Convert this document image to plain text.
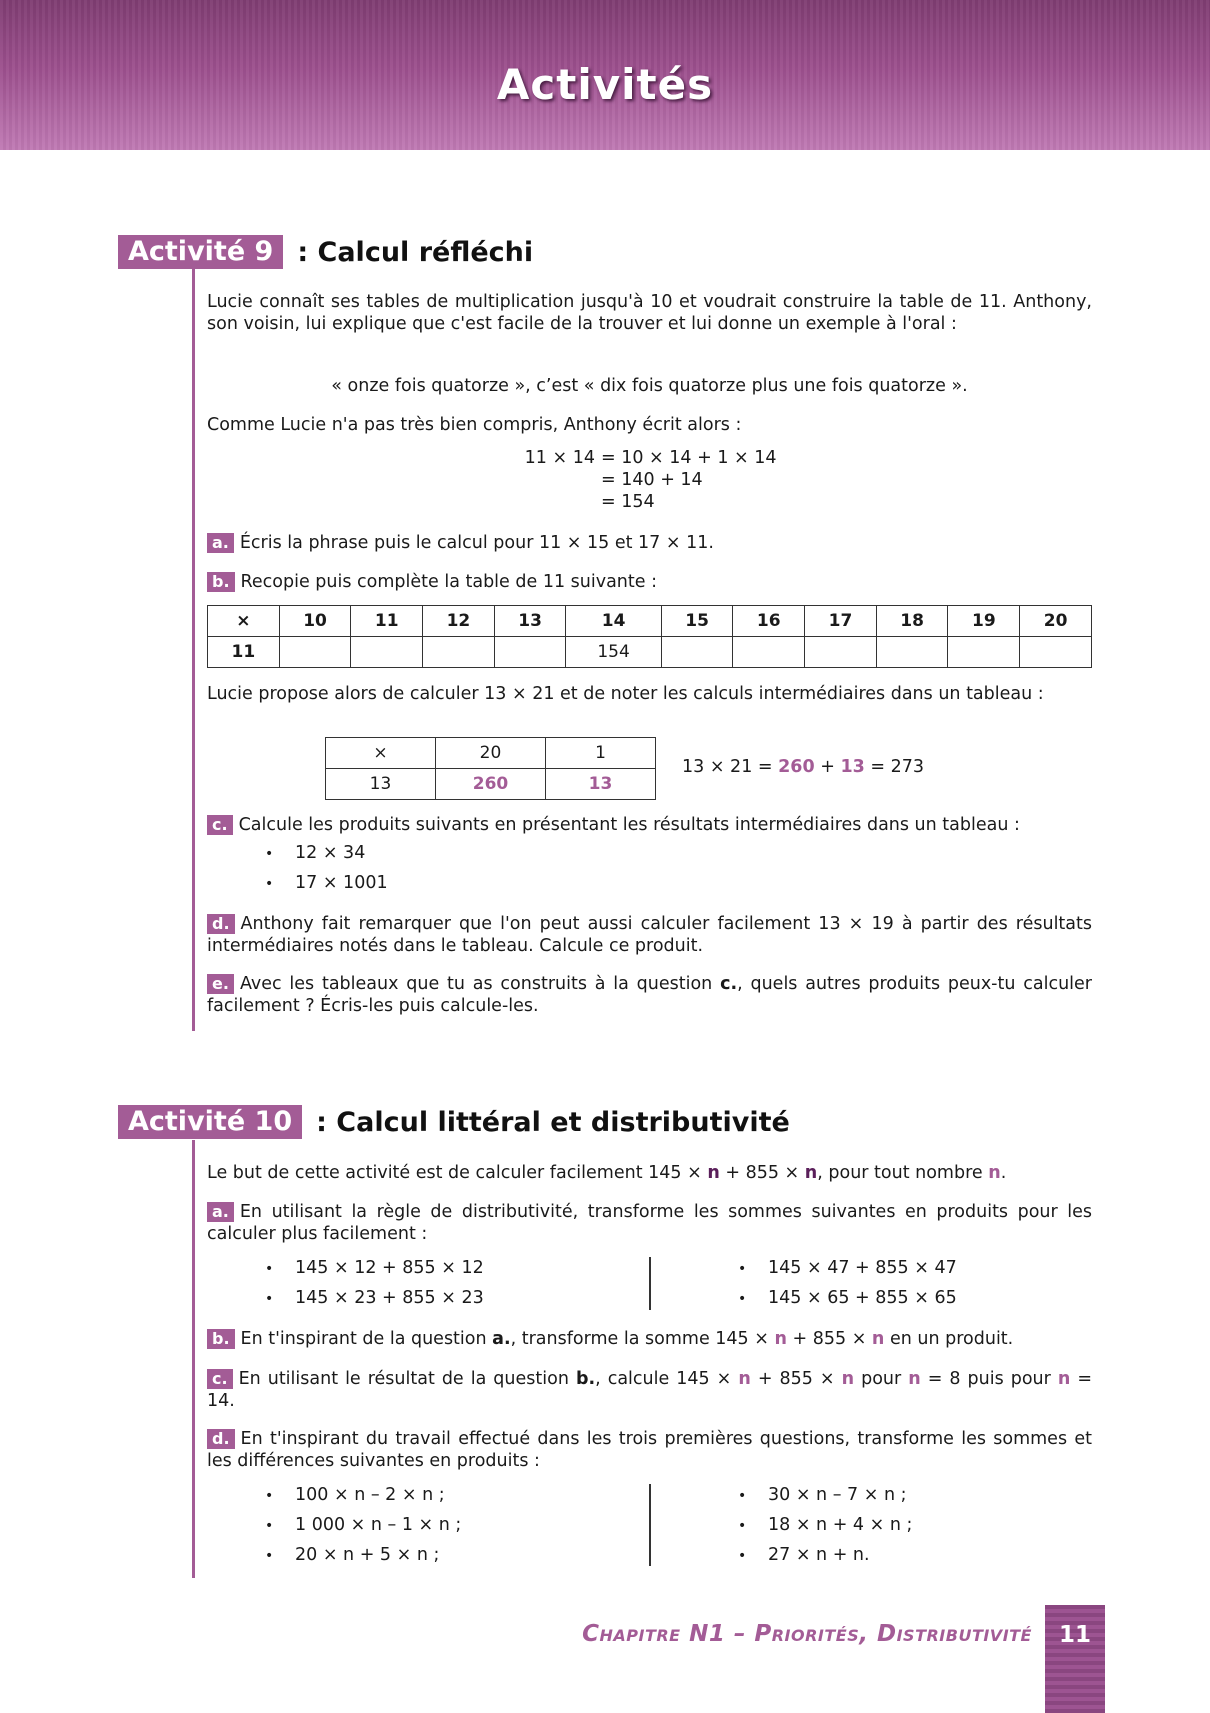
Activités
Activité 9 : Calcul réfléchi
Lucie connaît ses tables de multiplication jusqu'à 10 et voudrait construire la table de 11. Anthony, son voisin, lui explique que c'est facile de la trouver et lui donne un exemple à l'oral :
« onze fois quatorze », c’est « dix fois quatorze plus une fois quatorze ».
Comme Lucie n'a pas très bien compris, Anthony écrit alors :
11 × 14 = 10 × 14 + 1 × 14
= 140 + 14
= 154
a. Écris la phrase puis le calcul pour 11 × 15 et 17 × 11.
b. Recopie puis complète la table de 11 suivante :
×	10	11	12	13	14	15	16	17	18	19	20
11					154						
Lucie propose alors de calculer 13 × 21 et de noter les calculs intermédiaires dans un tableau :
×	20	1
13	260	13
13 × 21 = 260 + 13 = 273
c. Calcule les produits suivants en présentant les résultats intermédiaires dans un tableau :
• 12 × 34
• 17 × 1001
d. Anthony fait remarquer que l'on peut aussi calculer facilement 13 × 19 à partir des résultats intermédiaires notés dans le tableau. Calcule ce produit.
e. Avec les tableaux que tu as construits à la question c., quels autres produits peux-tu calculer facilement ? Écris-les puis calcule-les.
Activité 10 : Calcul littéral et distributivité
Le but de cette activité est de calculer facilement 145 × n + 855 × n, pour tout nombre n.
a. En utilisant la règle de distributivité, transforme les sommes suivantes en produits pour les calculer plus facilement :
• 145 × 12 + 855 × 12
• 145 × 23 + 855 × 23
• 145 × 47 + 855 × 47
• 145 × 65 + 855 × 65
b. En t'inspirant de la question a., transforme la somme 145 × n + 855 × n en un produit.
c. En utilisant le résultat de la question b., calcule 145 × n + 855 × n pour n = 8 puis pour n = 14.
d. En t'inspirant du travail effectué dans les trois premières questions, transforme les sommes et les différences suivantes en produits :
• 100 × n – 2 × n ;
• 1 000 × n – 1 × n ;
• 20 × n + 5 × n ;
• 30 × n – 7 × n ;
• 18 × n + 4 × n ;
• 27 × n + n.
Chapitre N1 – Priorités, Distributivité	11
